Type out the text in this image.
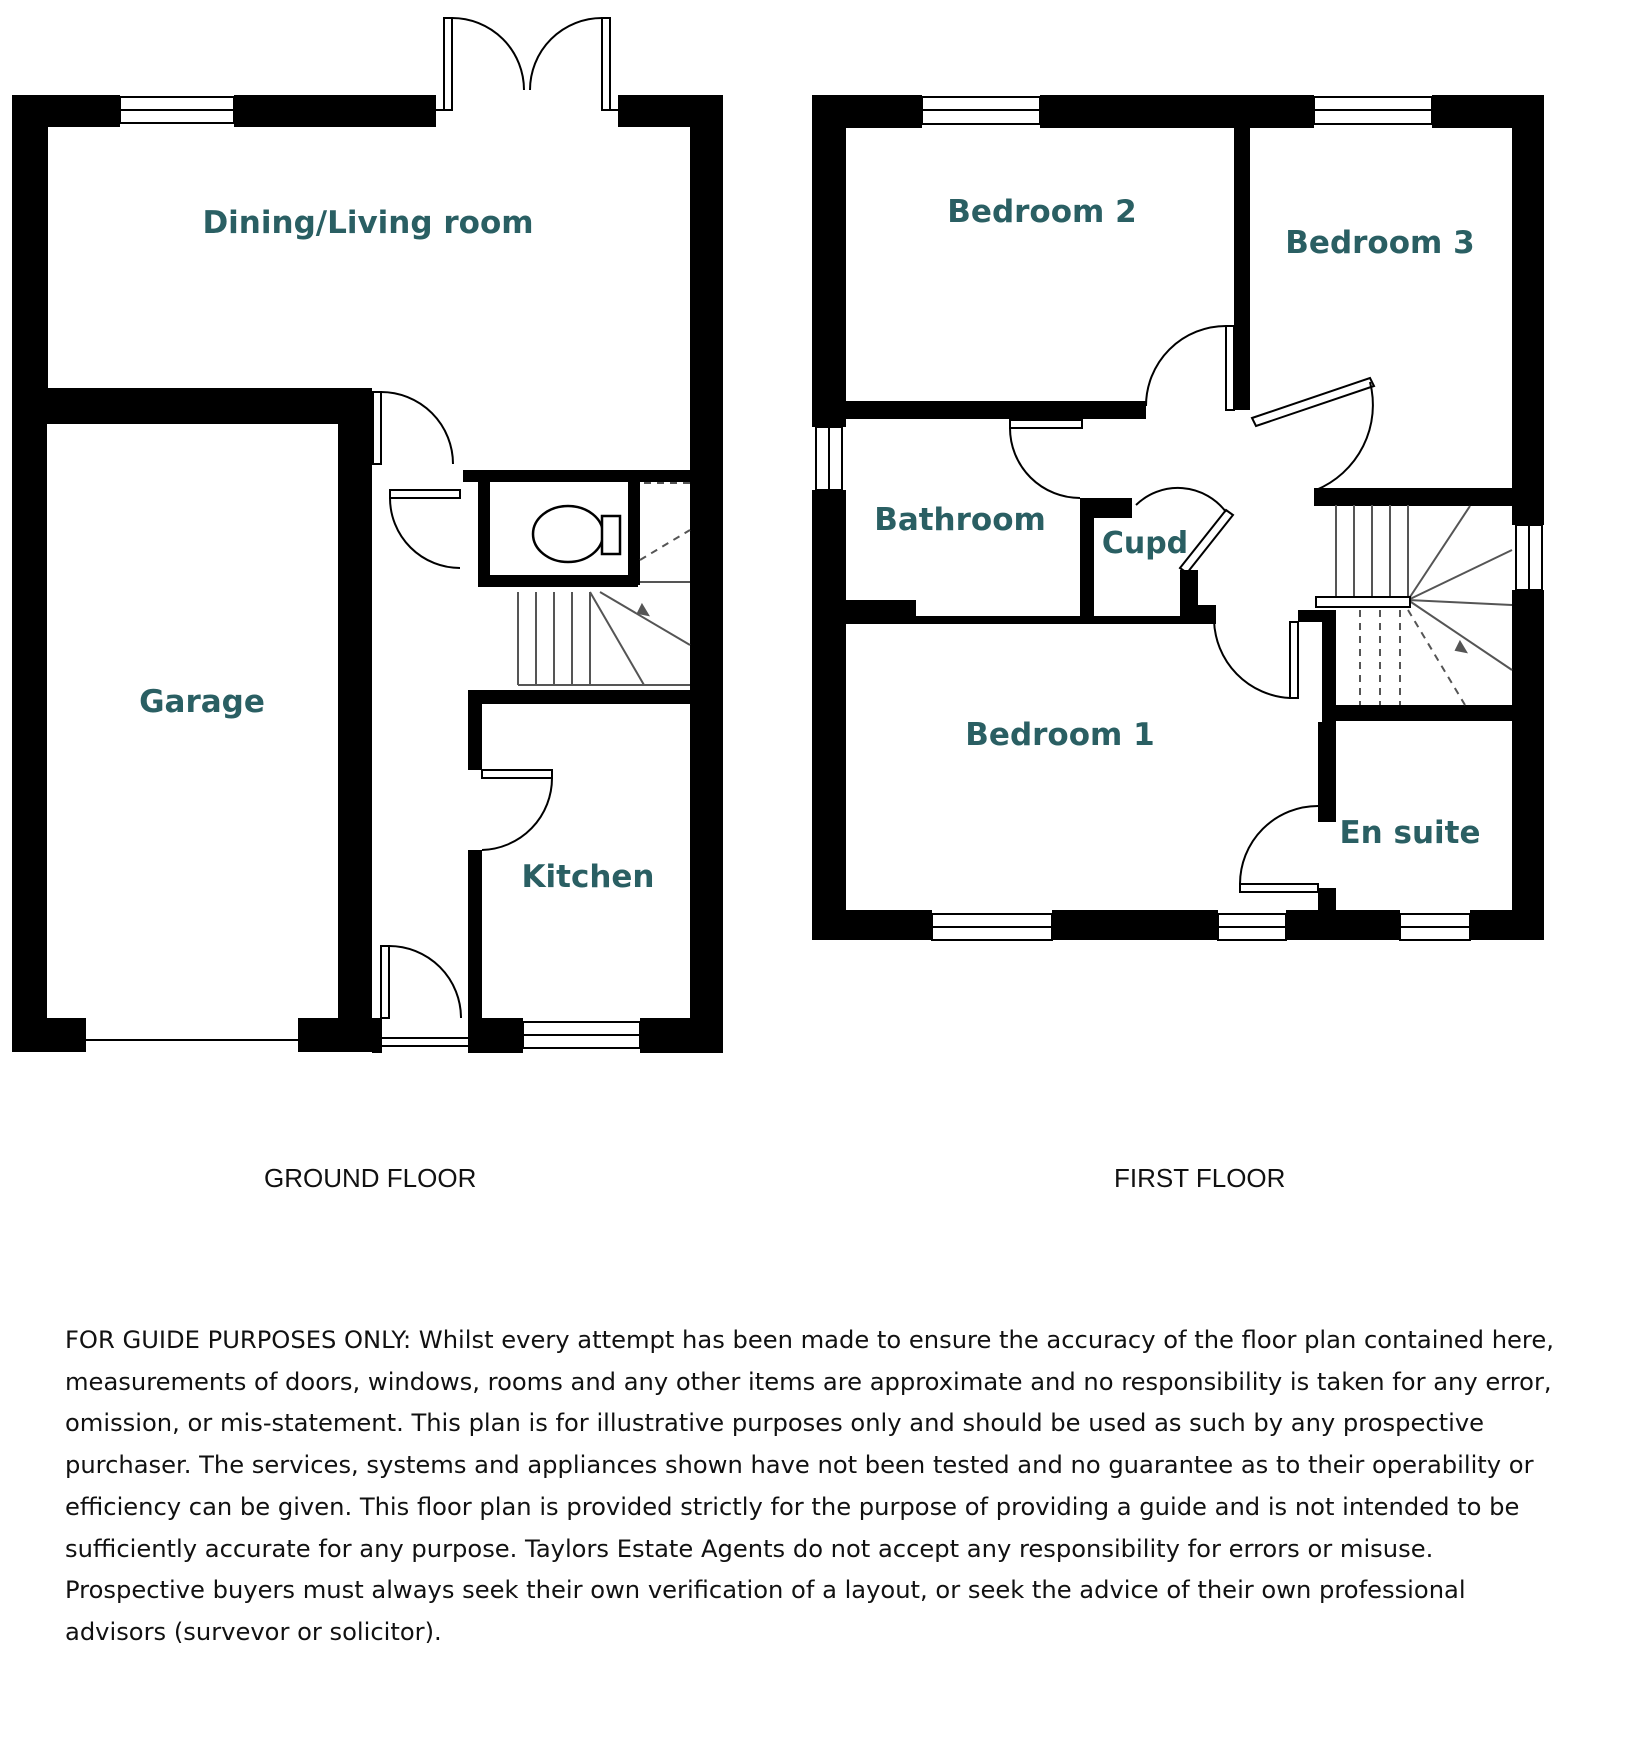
Dining/Living room
Garage
Kitchen
Bedroom 2
Bedroom 3
Bathroom
Cupd
Bedroom 1
En suite
GROUND FLOOR	FIRST FLOOR

FOR GUIDE PURPOSES ONLY: Whilst every attempt has been made to ensure the accuracy of the floor plan contained here, measurements of doors, windows, rooms and any other items are approximate and no responsibility is taken for any error, omission, or mis-statement. This plan is for illustrative purposes only and should be used as such by any prospective purchaser. The services, systems and appliances shown have not been tested and no guarantee as to their operability or efficiency can be given. This floor plan is provided strictly for the purpose of providing a guide and is not intended to be sufficiently accurate for any purpose. Taylors Estate Agents do not accept any responsibility for errors or misuse. Prospective buyers must always seek their own verification of a layout, or seek the advice of their own professional advisors (survevor or solicitor).
